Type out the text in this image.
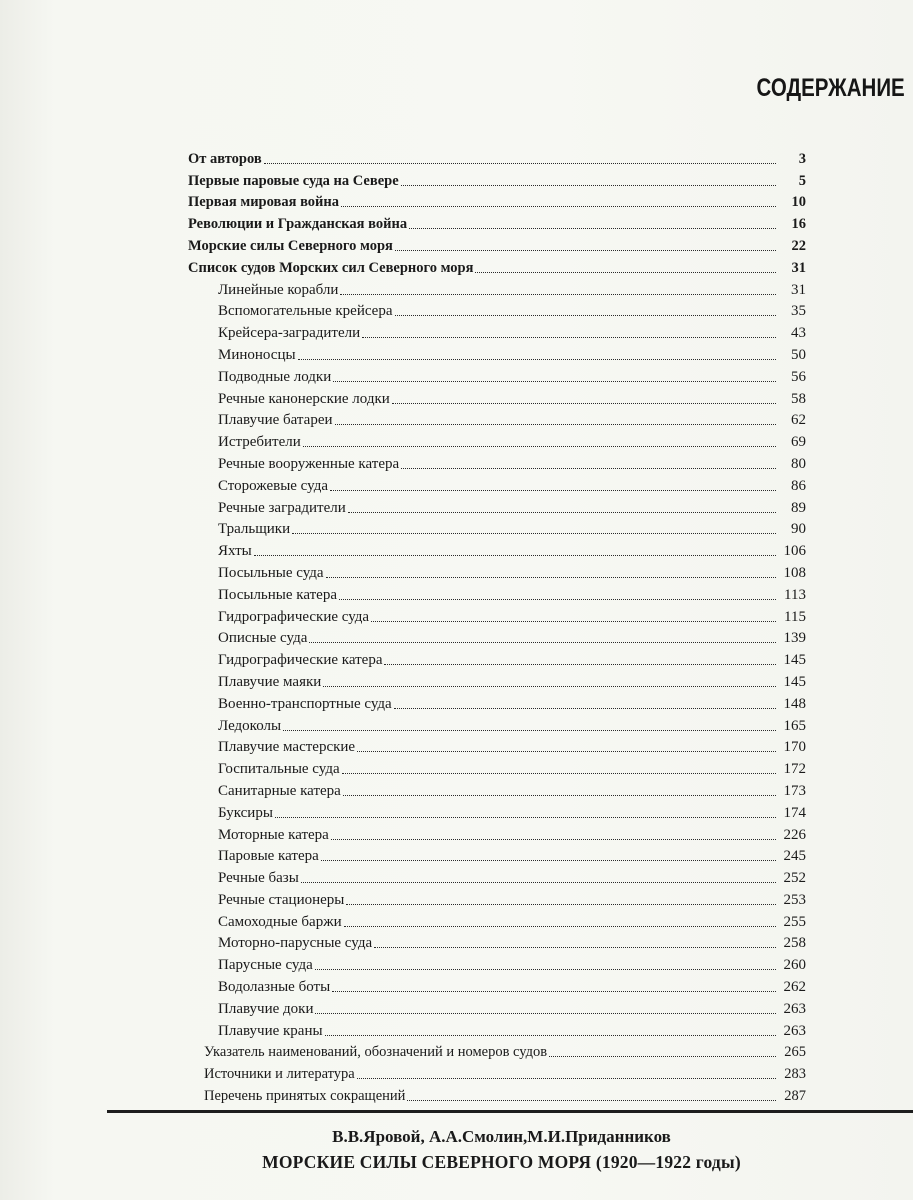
СОДЕРЖАНИЕ
От авторов	3
Первые паровые суда на Севере	5
Первая мировая война	10
Революции и Гражданская война	16
Морские силы Северного моря	22
Список судов Морских сил Северного моря	31
Линейные корабли	31
Вспомогательные крейсера	35
Крейсера-заградители	43
Миноносцы	50
Подводные лодки	56
Речные канонерские лодки	58
Плавучие батареи	62
Истребители	69
Речные вооруженные катера	80
Сторожевые суда	86
Речные заградители	89
Тральщики	90
Яхты	106
Посыльные суда	108
Посыльные катера	113
Гидрографические суда	115
Описные суда	139
Гидрографические катера	145
Плавучие маяки	145
Военно-транспортные суда	148
Ледоколы	165
Плавучие мастерские	170
Госпитальные суда	172
Санитарные катера	173
Буксиры	174
Моторные катера	226
Паровые катера	245
Речные базы	252
Речные стационеры	253
Самоходные баржи	255
Моторно-парусные суда	258
Парусные суда	260
Водолазные боты	262
Плавучие доки	263
Плавучие краны	263
Указатель наименований, обозначений и номеров судов	265
Источники и литература	283
Перечень принятых сокращений	287

В.В.Яровой, А.А.Смолин,М.И.Приданников

МОРСКИЕ СИЛЫ СЕВЕРНОГО МОРЯ (1920—1922 годы)
